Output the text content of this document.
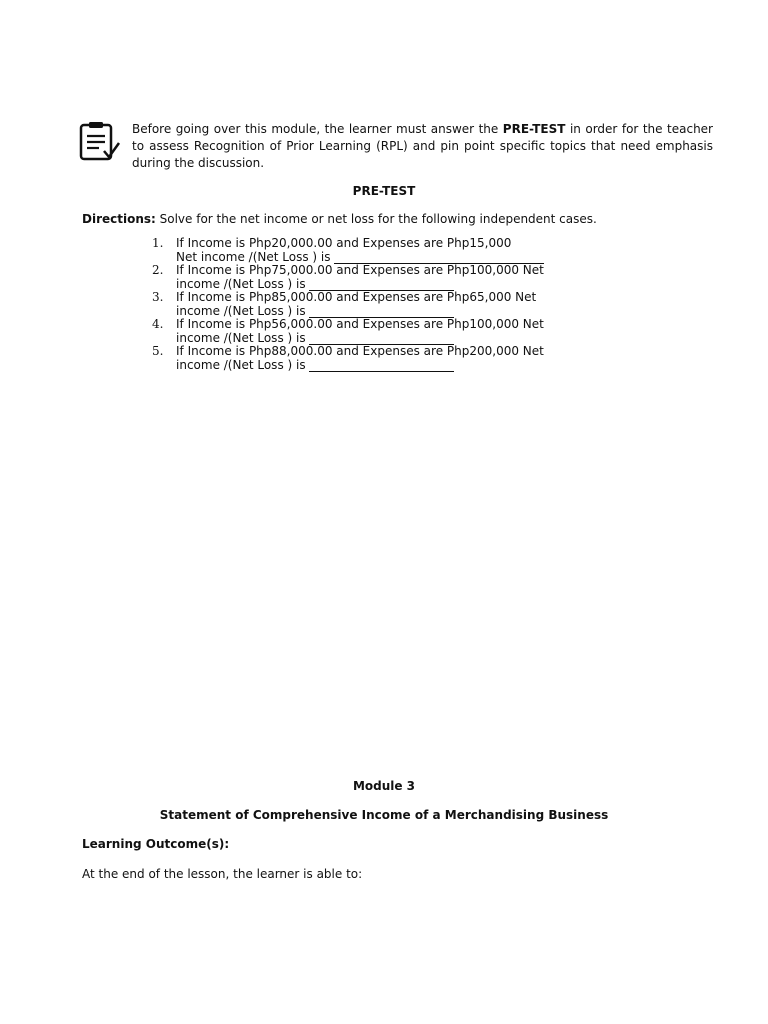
Before going over this module, the learner must answer the PRE-TEST in order for the teacher to assess Recognition of Prior Learning (RPL) and pin point specific topics that need emphasis during the discussion.

PRE-TEST

Directions: Solve for the net income or net loss for the following independent cases.

1. If Income is Php20,000.00 and Expenses are Php15,000
Net income /(Net Loss ) is
2. If Income is Php75,000.00 and Expenses are Php100,000 Net
income /(Net Loss ) is
3. If Income is Php85,000.00 and Expenses are Php65,000 Net
income /(Net Loss ) is
4. If Income is Php56,000.00 and Expenses are Php100,000 Net
income /(Net Loss ) is
5. If Income is Php88,000.00 and Expenses are Php200,000 Net
income /(Net Loss ) is

Module 3

Statement of Comprehensive Income of a Merchandising Business

Learning Outcome(s):

At the end of the lesson, the learner is able to:
